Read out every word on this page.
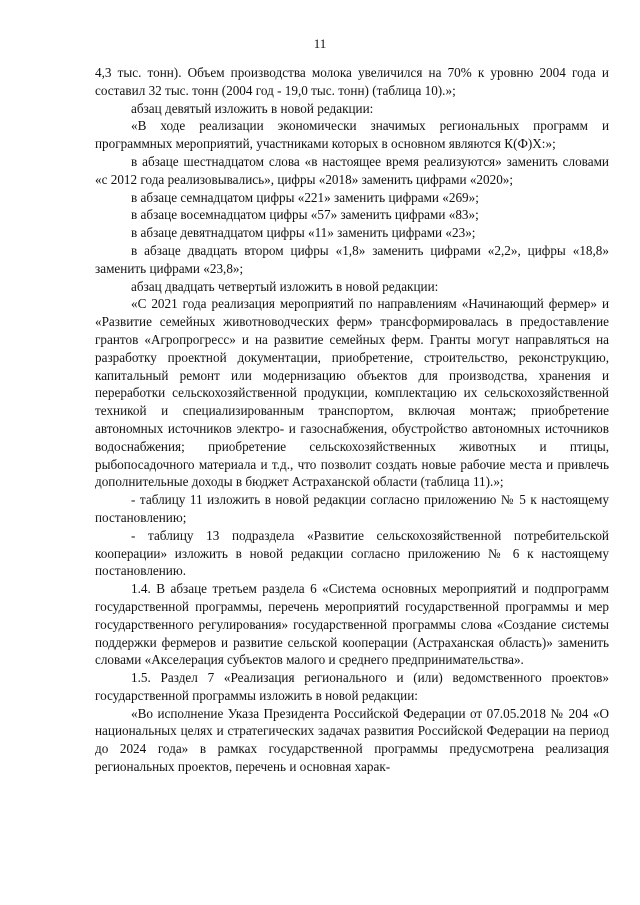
11

4,3 тыс. тонн). Объем производства молока увеличился на 70% к уровню 2004 года и составил 32 тыс. тонн (2004 год - 19,0 тыс. тонн) (таблица 10).»;

абзац девятый изложить в новой редакции:

«В ходе реализации экономически значимых региональных программ и программных мероприятий, участниками которых в основном являются К(Ф)Х:»;

в абзаце шестнадцатом слова «в настоящее время реализуются» заменить словами «с 2012 года реализовывались», цифры «2018» заменить цифрами «2020»;

в абзаце семнадцатом цифры «221» заменить цифрами «269»;

в абзаце восемнадцатом цифры «57» заменить цифрами «83»;

в абзаце девятнадцатом цифры «11» заменить цифрами «23»;

в абзаце двадцать втором цифры «1,8» заменить цифрами «2,2», цифры «18,8» заменить цифрами «23,8»;

абзац двадцать четвертый изложить в новой редакции:

«С 2021 года реализация мероприятий по направлениям «Начинающий фермер» и «Развитие семейных животноводческих ферм» трансформировалась в предоставление грантов «Агропрогресс» и на развитие семейных ферм. Гранты могут направляться на разработку проектной документации, приобретение, строительство, реконструкцию, капитальный ремонт или модернизацию объектов для производства, хранения и переработки сельскохозяйственной продукции, комплектацию их сельскохозяйственной техникой и специализированным транспортом, включая монтаж; приобретение автономных источников электро- и газоснабжения, обустройство автономных источников водоснабжения; приобретение сельскохозяйственных животных и птицы, рыбопосадочного материала и т.д., что позволит создать новые рабочие места и привлечь дополнительные доходы в бюджет Астраханской области (таблица 11).»;

- таблицу 11 изложить в новой редакции согласно приложению № 5 к настоящему постановлению;

- таблицу 13 подраздела «Развитие сельскохозяйственной потребительской кооперации» изложить в новой редакции согласно приложению № 6 к настоящему постановлению.

1.4. В абзаце третьем раздела 6 «Система основных мероприятий и подпрограмм государственной программы, перечень мероприятий государственной программы и мер государственного регулирования» государственной программы слова «Создание системы поддержки фермеров и развитие сельской кооперации (Астраханская область)» заменить словами «Акселерация субъектов малого и среднего предпринимательства».

1.5. Раздел 7 «Реализация регионального и (или) ведомственного проектов» государственной программы изложить в новой редакции:

«Во исполнение Указа Президента Российской Федерации от 07.05.2018 № 204 «О национальных целях и стратегических задачах развития Российской Федерации на период до 2024 года» в рамках государственной программы предусмотрена реализация региональных проектов, перечень и основная харак-
